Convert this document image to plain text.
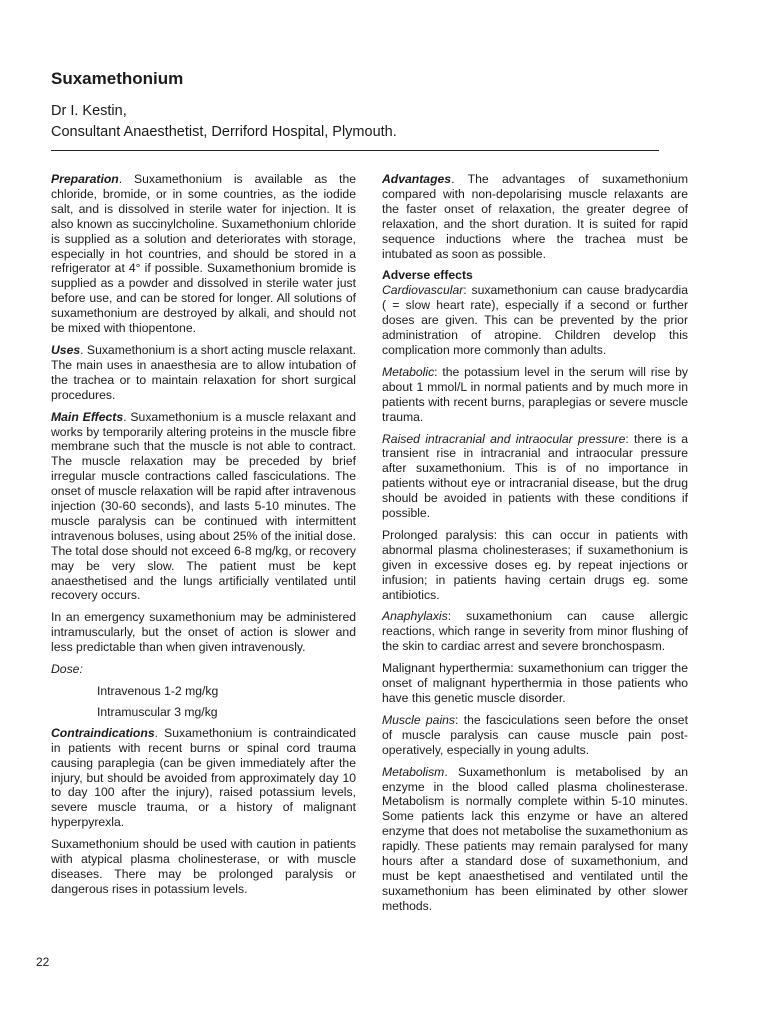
Suxamethonium
Dr I. Kestin,
Consultant Anaesthetist, Derriford Hospital, Plymouth.

Preparation. Suxamethonium is available as the chloride, bromide, or in some countries, as the iodide salt, and is dissolved in sterile water for injection. It is also known as succinylcholine. Suxamethonium chloride is supplied as a solution and deteriorates with storage, especially in hot countries, and should be stored in a refrigerator at 4° if possible. Suxamethonium bromide is supplied as a powder and dissolved in sterile water just before use, and can be stored for longer. All solutions of suxamethonium are destroyed by alkali, and should not be mixed with thiopentone.

Uses. Suxamethonium is a short acting muscle relaxant. The main uses in anaesthesia are to allow intubation of the trachea or to maintain relaxation for short surgical procedures.

Main Effects. Suxamethonium is a muscle relaxant and works by temporarily altering proteins in the muscle fibre membrane such that the muscle is not able to contract. The muscle relaxation may be preceded by brief irregular muscle contractions called fasciculations. The onset of muscle relaxation will be rapid after intravenous injection (30-60 seconds), and lasts 5-10 minutes. The muscle paralysis can be continued with intermittent intravenous boluses, using about 25% of the initial dose. The total dose should not exceed 6-8 mg/kg, or recovery may be very slow. The patient must be kept anaesthetised and the lungs artificially ventilated until recovery occurs.

In an emergency suxamethonium may be administered intramuscularly, but the onset of action is slower and less predictable than when given intravenously.

Dose:

Intravenous 1-2 mg/kg

Intramuscular 3 mg/kg

Contraindications. Suxamethonium is contraindicated in patients with recent burns or spinal cord trauma causing paraplegia (can be given immediately after the injury, but should be avoided from approximately day 10 to day 100 after the injury), raised potassium levels, severe muscle trauma, or a history of malignant hyperpyrexla.

Suxamethonium should be used with caution in patients with atypical plasma cholinesterase, or with muscle diseases. There may be prolonged paralysis or dangerous rises in potassium levels.

Advantages. The advantages of suxamethonium compared with non-depolarising muscle relaxants are the faster onset of relaxation, the greater degree of relaxation, and the short duration. It is suited for rapid sequence inductions where the trachea must be intubated as soon as possible.

Adverse effects

Cardiovascular: suxamethonium can cause bradycardia ( = slow heart rate), especially if a second or further doses are given. This can be prevented by the prior administration of atropine. Children develop this complication more commonly than adults.

Metabolic: the potassium level in the serum will rise by about 1 mmol/L in normal patients and by much more in patients with recent burns, paraplegias or severe muscle trauma.

Raised intracranial and intraocular pressure: there is a transient rise in intracranial and intraocular pressure after suxamethonium. This is of no importance in patients without eye or intracranial disease, but the drug should be avoided in patients with these conditions if possible.

Prolonged paralysis: this can occur in patients with abnormal plasma cholinesterases; if suxamethonium is given in excessive doses eg. by repeat injections or infusion; in patients having certain drugs eg. some antibiotics.

Anaphylaxis: suxamethonium can cause allergic reactions, which range in severity from minor flushing of the skin to cardiac arrest and severe bronchospasm.

Malignant hyperthermia: suxamethonium can trigger the onset of malignant hyperthermia in those patients who have this genetic muscle disorder.

Muscle pains: the fasciculations seen before the onset of muscle paralysis can cause muscle pain post-operatively, especially in young adults.

Metabolism. Suxamethonlum is metabolised by an enzyme in the blood called plasma cholinesterase. Metabolism is normally complete within 5-10 minutes. Some patients lack this enzyme or have an altered enzyme that does not metabolise the suxamethonium as rapidly. These patients may remain paralysed for many hours after a standard dose of suxamethonium, and must be kept anaesthetised and ventilated until the suxamethonium has been eliminated by other slower methods.

22
